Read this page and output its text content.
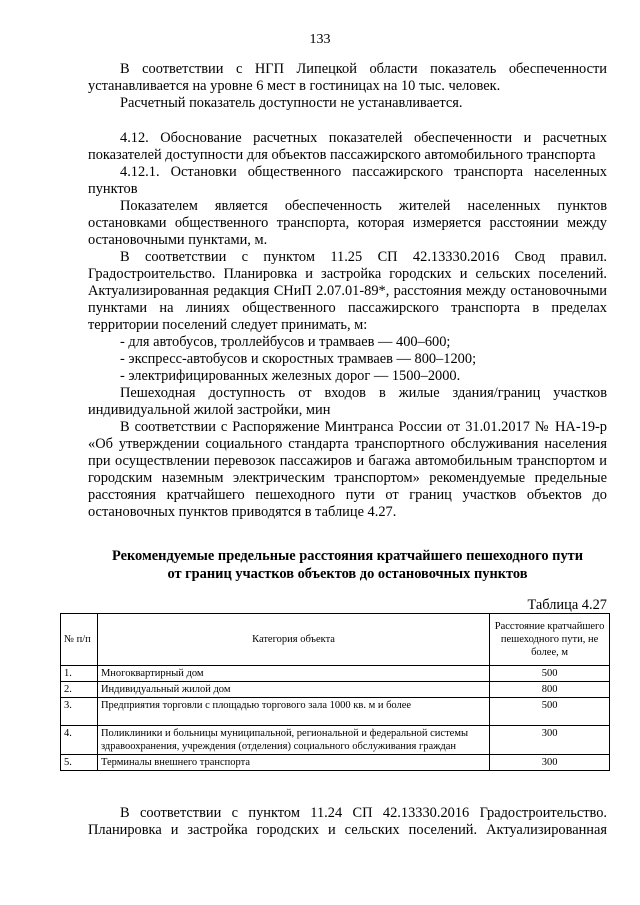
133
В соответствии с НГП Липецкой области показатель обеспеченности
устанавливается на уровне 6 мест в гостиницах на 10 тыс. человек.
Расчетный показатель доступности не устанавливается.
4.12. Обоснование расчетных показателей обеспеченности и расчетных
показателей доступности для объектов пассажирского автомобильного транспорта
4.12.1. Остановки общественного пассажирского транспорта населенных
пунктов
Показателем является обеспеченность жителей населенных пунктов
остановками общественного транспорта, которая измеряется расстоянии между
остановочными пунктами, м.
В соответствии с пунктом 11.25 СП 42.13330.2016 Свод правил.
Градостроительство. Планировка и застройка городских и сельских поселений.
Актуализированная редакция СНиП 2.07.01-89*, расстояния между остановочными
пунктами на линиях общественного пассажирского транспорта в пределах
территории поселений следует принимать, м:
- для автобусов, троллейбусов и трамваев — 400–600;
- экспресс-автобусов и скоростных трамваев — 800–1200;
- электрифицированных железных дорог — 1500–2000.
Пешеходная доступность от входов в жилые здания/границ участков
индивидуальной жилой застройки, мин
В соответствии с Распоряжение Минтранса России от 31.01.2017 № НА-19-р
«Об утверждении социального стандарта транспортного обслуживания населения
при осуществлении перевозок пассажиров и багажа автомобильным транспортом и
городским наземным электрическим транспортом» рекомендуемые предельные
расстояния кратчайшего пешеходного пути от границ участков объектов до
остановочных пунктов приводятся в таблице 4.27.
Рекомендуемые предельные расстояния кратчайшего пешеходного пути
от границ участков объектов до остановочных пунктов
Таблица 4.27
№ п/п	Категория объекта	Расстояние кратчайшего пешеходного пути, не более, м
1.	Многоквартирный дом	500
2.	Индивидуальный жилой дом	800
3.	Предприятия торговли с площадью торгового зала 1000 кв. м и более	500
4.	Поликлиники и больницы муниципальной, региональной и федеральной системы здравоохранения, учреждения (отделения) социального обслуживания граждан	300
5.	Терминалы внешнего транспорта	300
В соответствии с пунктом 11.24 СП 42.13330.2016 Градостроительство.
Планировка и застройка городских и сельских поселений. Актуализированная
